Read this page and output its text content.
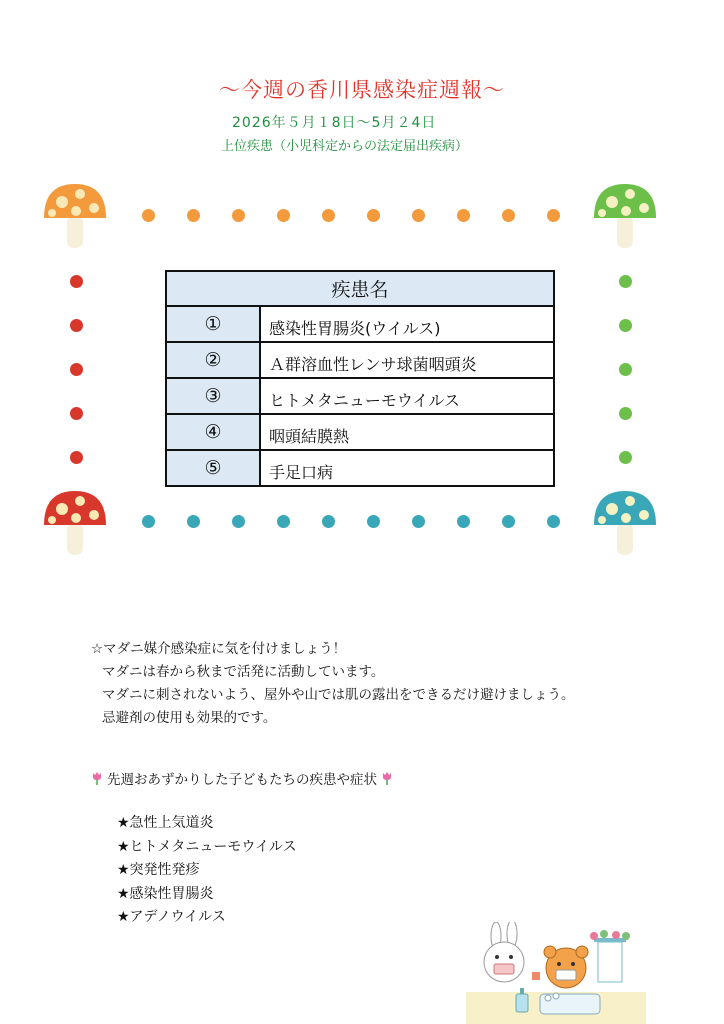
～今週の香川県感染症週報～
2026年５月１8日～5月２4日
上位疾患（小児科定からの法定届出疾病）
疾患名	
①	感染性胃腸炎(ウイルス)
②	Ａ群溶血性レンサ球菌咽頭炎
③	ヒトメタニューモウイルス
④	咽頭結膜熱
⑤	手足口病
☆マダニ媒介感染症に気を付けましょう！
マダニは春から秋まで活発に活動しています。
マダニに刺されないよう、屋外や山では肌の露出をできるだけ避けましょう。
忌避剤の使用も効果的です。
先週おあずかりした子どもたちの疾患や症状
★急性上気道炎
★ヒトメタニューモウイルス
★突発性発疹
★感染性胃腸炎
★アデノウイルス
